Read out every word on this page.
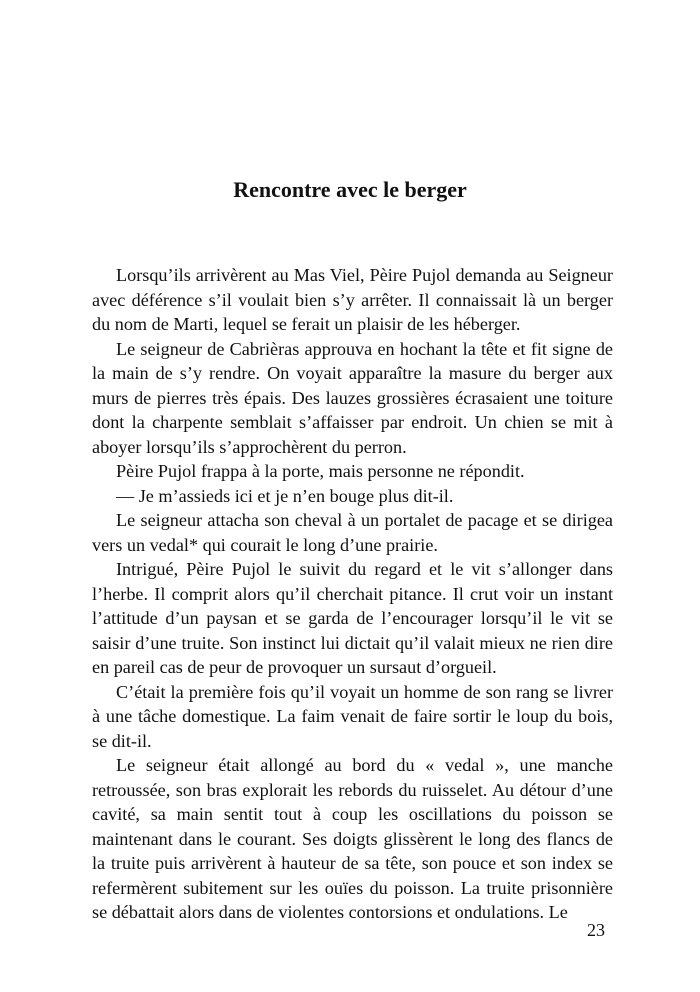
Rencontre avec le berger

Lorsqu’ils arrivèrent au Mas Viel, Pèire Pujol demanda au Seigneur avec déférence s’il voulait bien s’y arrêter. Il connaissait là un berger du nom de Marti, lequel se ferait un plaisir de les héberger.

Le seigneur de Cabrièras approuva en hochant la tête et fit signe de la main de s’y rendre. On voyait apparaître la masure du berger aux murs de pierres très épais. Des lauzes grossières écrasaient une toiture dont la charpente semblait s’affaisser par endroit. Un chien se mit à aboyer lorsqu’ils s’approchèrent du perron.

Pèire Pujol frappa à la porte, mais personne ne répondit.

— Je m’assieds ici et je n’en bouge plus dit-il.

Le seigneur attacha son cheval à un portalet de pacage et se dirigea vers un vedal* qui courait le long d’une prairie.

Intrigué, Pèire Pujol le suivit du regard et le vit s’allonger dans l’herbe. Il comprit alors qu’il cherchait pitance. Il crut voir un instant l’attitude d’un paysan et se garda de l’encourager lorsqu’il le vit se saisir d’une truite. Son instinct lui dictait qu’il valait mieux ne rien dire en pareil cas de peur de provoquer un sursaut d’orgueil.

C’était la première fois qu’il voyait un homme de son rang se livrer à une tâche domestique. La faim venait de faire sortir le loup du bois, se dit-il.

Le seigneur était allongé au bord du « vedal », une manche retroussée, son bras explorait les rebords du ruisselet. Au détour d’une cavité, sa main sentit tout à coup les oscillations du poisson se maintenant dans le courant. Ses doigts glissèrent le long des flancs de la truite puis arrivèrent à hauteur de sa tête, son pouce et son index se refermèrent subitement sur les ouïes du poisson. La truite prisonnière se débattait alors dans de violentes contorsions et ondulations. Le

23
